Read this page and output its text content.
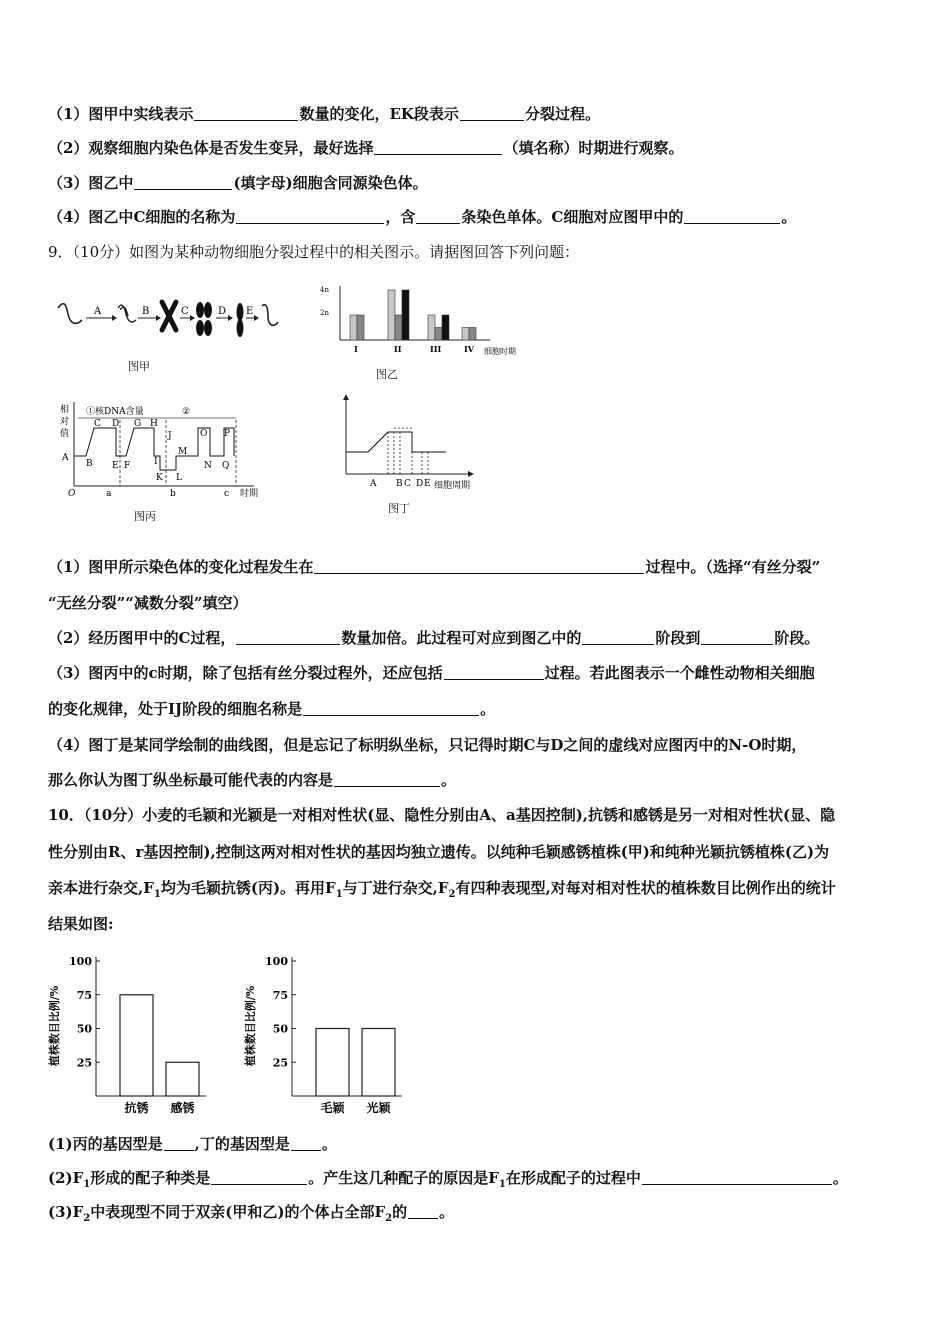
（1）图甲中实线表示	数量的变化，EK段表示	分裂过程。
（2）观察细胞内染色体是否发生变异，最好选择	（填名称）时期进行观察。
（3）图乙中	(填字母)细胞含同源染色体。
（4）图乙中C细胞的名称为	，含	条染色单体。C细胞对应图甲中的	。
9．（10分）如图为某种动物细胞分裂过程中的相关图示。请据图回答下列问题：
A	B	C	D E
图甲
4n
2n
I	II	III	IV 细胞时期
图乙
相
对
值
①核DNA含量	②
C D G H
J	O P
A
B E F	I
M
N Q
K L
O	a	b	c 时期
图丙
A B C D E 细胞周期
图丁
（1）图甲所示染色体的变化过程发生在	过程中。（选择“有丝分裂”
“无丝分裂”“减数分裂”填空）
（2）经历图甲中的C过程，	数量加倍。此过程可对应到图乙中的	阶段到	阶段。
（3）图丙中的c时期，除了包括有丝分裂过程外，还应包括	过程。若此图表示一个雌性动物相关细胞
的变化规律，处于IJ阶段的细胞名称是	。
（4）图丁是某同学绘制的曲线图，但是忘记了标明纵坐标，只记得时期C与D之间的虚线对应图丙中的N-O时期，
那么你认为图丁纵坐标最可能代表的内容是	。
10．（10分）小麦的毛颖和光颖是一对相对性状(显、隐性分别由A、a基因控制),抗锈和感锈是另一对相对性状(显、隐
性分别由R、r基因控制),控制这两对相对性状的基因均独立遗传。以纯种毛颖感锈植株(甲)和纯种光颖抗锈植株(乙)为
亲本进行杂交$,F_1$均为毛颖抗锈(丙)。再用$F_1$与丁进行杂交$,F_2$有四种表现型,对每对相对性状的植株数目比例作出的统计
结果如图:
植株数目比例/% 25
50
75
100
抗锈 感锈
植株数目比例/% 25
50
75
100
毛颖 光颖
(1)丙的基因型是 ,丁的基因型是 。
$(2)F_1$形成的配子种类是	。产生这几种配子的原因是$F_1$在形成配子的过程中	。
$(3)F_2$中表现型不同于双亲(甲和乙)的个体占全部$F_2$的 。
